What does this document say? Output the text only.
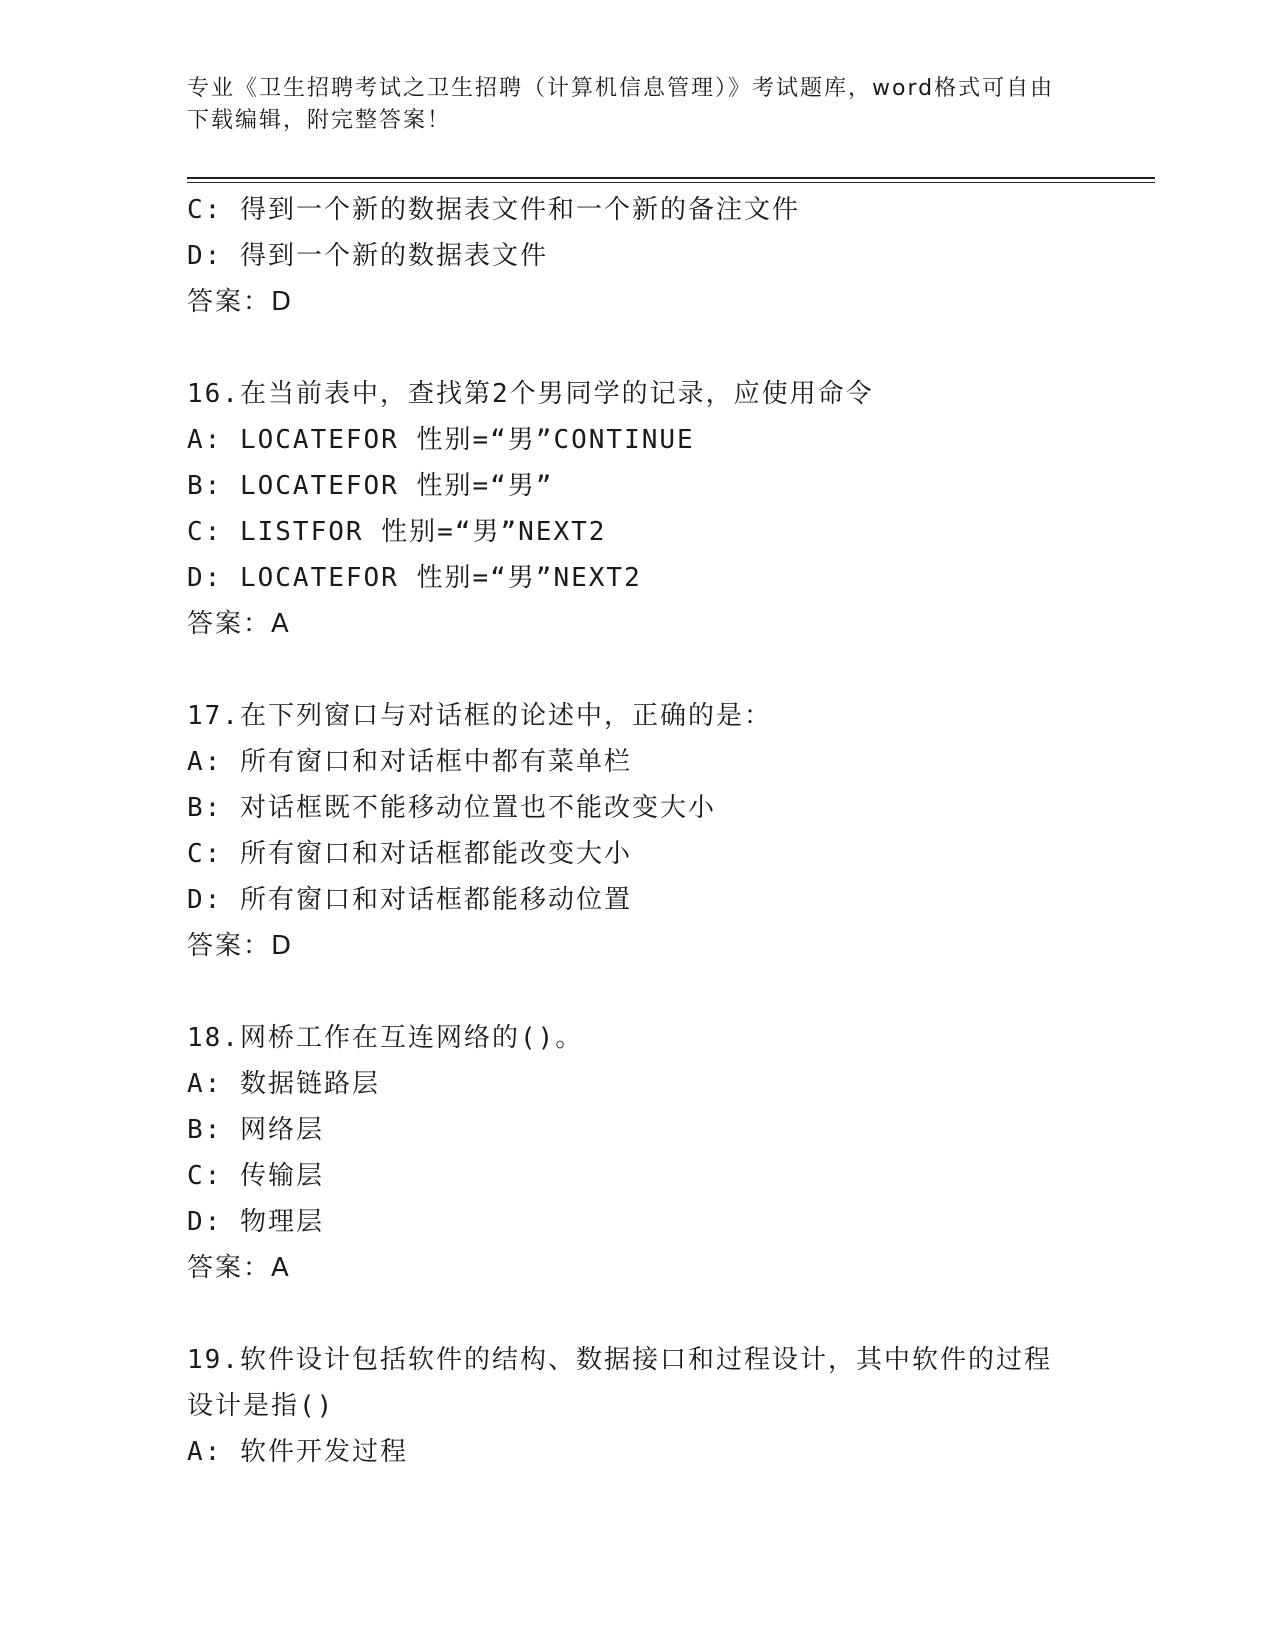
专业《卫生招聘考试之卫生招聘（计算机信息管理）》考试题库，word格式可自由下载编辑，附完整答案！
C: 得到一个新的数据表文件和一个新的备注文件
D: 得到一个新的数据表文件
答案：D
16.在当前表中，查找第2个男同学的记录，应使用命令
A: LOCATEFOR 性别=“男”CONTINUE
B: LOCATEFOR 性别=“男”
C: LISTFOR 性别=“男”NEXT2
D: LOCATEFOR 性别=“男”NEXT2
答案：A
17.在下列窗口与对话框的论述中，正确的是：
A: 所有窗口和对话框中都有菜单栏
B: 对话框既不能移动位置也不能改变大小
C: 所有窗口和对话框都能改变大小
D: 所有窗口和对话框都能移动位置
答案：D
18.网桥工作在互连网络的()。
A: 数据链路层
B: 网络层
C: 传输层
D: 物理层
答案：A
19.软件设计包括软件的结构、数据接口和过程设计，其中软件的过程
设计是指()
A: 软件开发过程
